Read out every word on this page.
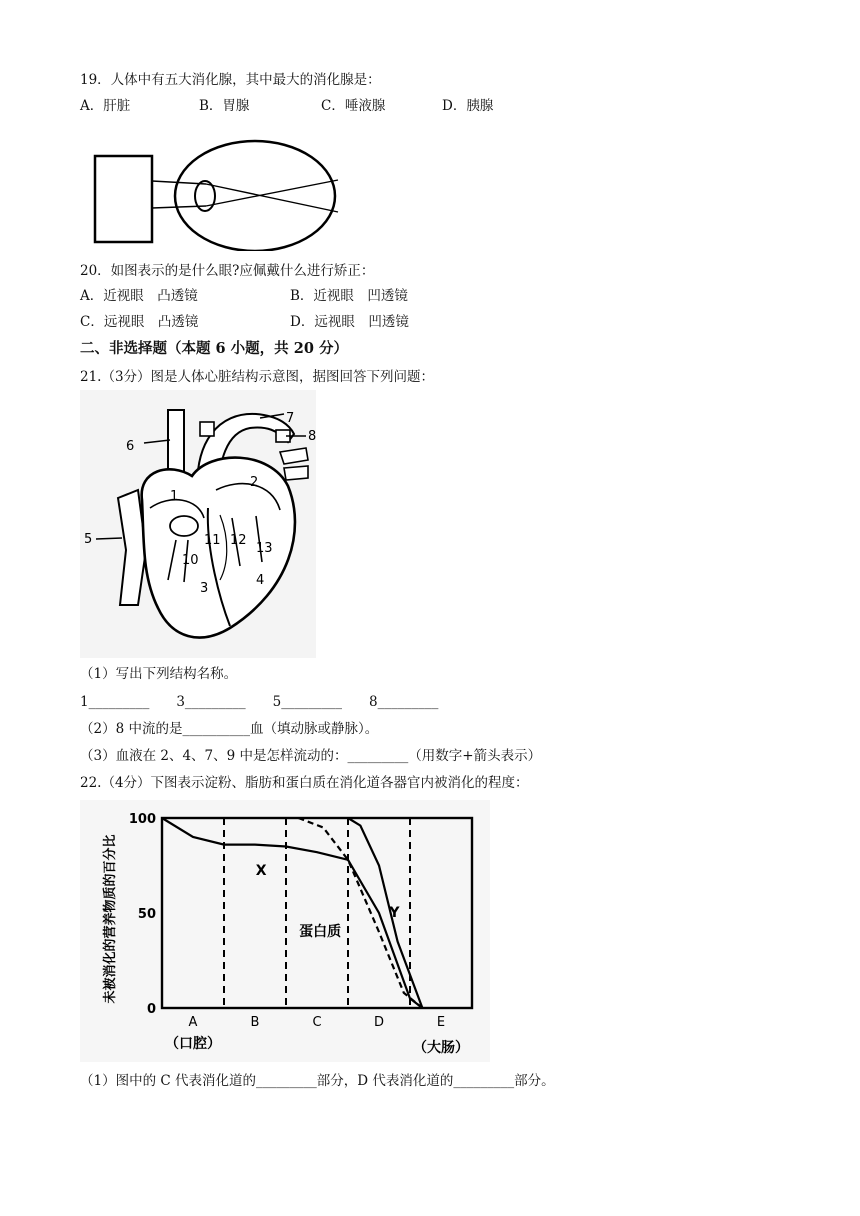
19．人体中有五大消化腺，其中最大的消化腺是：
A．肝脏	B．胃腺	C．唾液腺	D．胰腺
20．如图表示的是什么眼?应佩戴什么进行矫正：
A．近视眼　凸透镜	B．近视眼　凹透镜
C．远视眼　凸透镜	D．远视眼　凹透镜
二、非选择题（本题 6 小题，共 20 分）
21.（3分）图是人体心脏结构示意图，据图回答下列问题：
6
5
7
8
1
2
10
11 12
13
3
4
（1）写出下列结构名称。
1_________　　3_________　　5_________　　8_________
（2）8 中流的是__________血（填动脉或静脉）。
（3）血液在 2、4、7、9 中是怎样流动的：_________（用数字+箭头表示）
22.（4分）下图表示淀粉、脂肪和蛋白质在消化道各器官内被消化的程度：
100
50
0
未被消化的营养物质的百分比
A	B	C	D	E
（口腔）	（大肠）
X
Y
蛋白质
（1）图中的 C 代表消化道的_________部分，D 代表消化道的_________部分。
